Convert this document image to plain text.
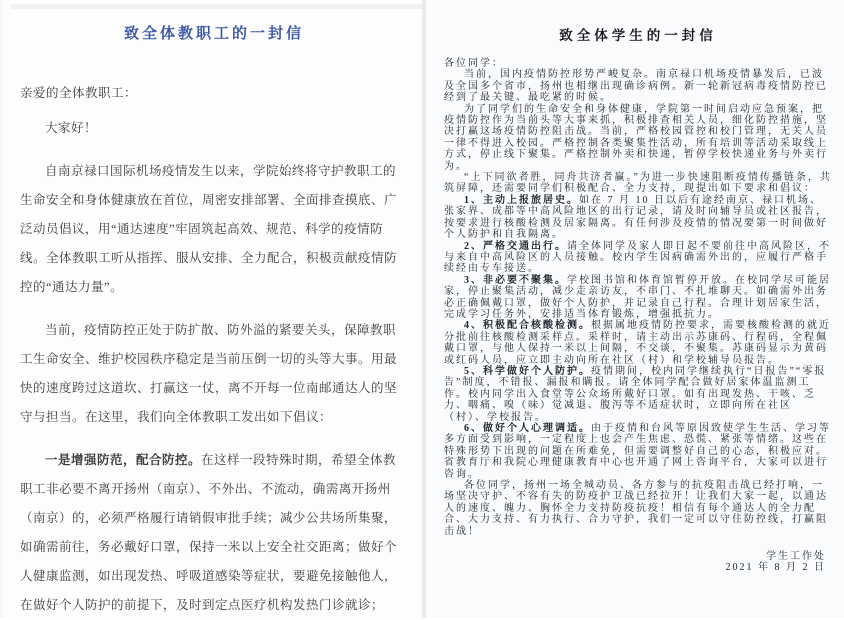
致全体教职工的一封信
亲爱的全体教职工：
大家好！

自南京禄口国际机场疫情发生以来，学院始终将守护教职工的生命安全和身体健康放在首位，周密安排部署、全面排查摸底、广泛动员倡议，用“通达速度”牢固筑起高效、规范、科学的疫情防线。全体教职工听从指挥、服从安排、全力配合，积极贡献疫情防控的“通达力量”。

当前，疫情防控正处于防扩散、防外溢的紧要关头，保障教职工生命安全、维护校园秩序稳定是当前压倒一切的头等大事。用最快的速度跨过这道坎、打赢这一仗，离不开每一位南邮通达人的坚守与担当。在这里，我们向全体教职工发出如下倡议：

一是增强防范，配合防控。在这样一段特殊时期，希望全体教职工非必要不离开扬州（南京）、不外出、不流动，确需离开扬州（南京）的，必须严格履行请销假审批手续；减少公共场所集聚，如确需前往，务必戴好口罩，保持一米以上安全社交距离；做好个人健康监测，如出现发热、呼吸道感染等症状，要避免接触他人，在做好个人防护的前提下，及时到定点医疗机构发热门诊就诊；

致全体学生的一封信
各位同学：

当前，国内疫情防控形势严峻复杂。南京禄口机场疫情暴发后，已波及全国多个省市，扬州也相继出现确诊病例。新一轮新冠病毒疫情防控已经到了最关键、最吃紧的时候。

为了同学们的生命安全和身体健康，学院第一时间启动应急预案，把疫情防控作为当前头等大事来抓，积极排查相关人员，细化防控措施，坚决打赢这场疫情防控阻击战。当前，严格校园管控和校门管理，无关人员一律不得进入校园。严格控制各类聚集性活动，所有培训等活动采取线上方式，停止线下聚集。严格控制外卖和快递，暂停学校快递业务与外卖行为。

“上下同欲者胜，同舟共济者赢。”为进一步快速阻断疫情传播链条，共筑屏障，还需要同学们积极配合、全力支持，现提出如下要求和倡议：

1、主动上报旅居史。如在 7 月 10 日以后有途经南京、禄口机场、张家界、成都等中高风险地区的出行记录，请及时向辅导员或社区报告，按要求进行核酸检测及居家隔离。有任何涉及疫情的情况要第一时间做好个人防护和自我隔离。

2、严格交通出行。请全体同学及家人即日起不要前往中高风险区，不与来自中高风险区的人员接触。校内学生因病确需外出的，应履行严格手续经由专车接送。

3、非必要不聚集。学校图书馆和体育馆暂停开放。在校同学尽可能居家，停止聚集活动，减少走亲访友，不串门、不扎堆聊天。如确需外出务必正确佩戴口罩，做好个人防护，并记录自己行程。合理计划居家生活，完成学习任务外，安排适当体育锻炼，增强抵抗力。

4、积极配合核酸检测。根据属地疫情防控要求，需要核酸检测的就近分批前往核酸检测采样点。采样时，请主动出示苏康码、行程码，全程佩戴口罩，与他人保持一米以上间隔，不交谈，不聚集。苏康码显示为黄码或红码人员，应立即主动向所在社区（村）和学校辅导员报告。

5、科学做好个人防护。疫情期间，校内同学继续执行“日报告”“零报告”制度，不错报、漏报和瞒报。请全体同学配合做好居家体温监测工作。校内同学出入食堂等公众场所戴好口罩。如有出现发热、干咳、乏力、咽痛、嗅（味）觉减退、腹泻等不适症状时，立即向所在社区（村）、学校报告。

6、做好个人心理调适。由于疫情和台风等原因致使学生生活、学习等多方面受到影响，一定程度上也会产生焦虑、恐慌、紧张等情绪。这些在特殊形势下出现的问题在所难免，但需要调整好自己的心态，积极应对。省教育厅和我院心理健康教育中心也开通了网上咨询平台，大家可以进行咨询。

各位同学，扬州一场全城动员、各方参与的抗疫阻击战已经打响，一场坚决守护、不容有失的防疫护卫战已经拉开！让我们大家一起，以通达人的速度、魄力、胸怀全力支持防疫抗疫！相信有每个通达人的全力配合、大力支持、有力执行、合力守护，我们一定可以守住防控线，打赢阻击战！

学生工作处
2021 年 8 月 2 日
